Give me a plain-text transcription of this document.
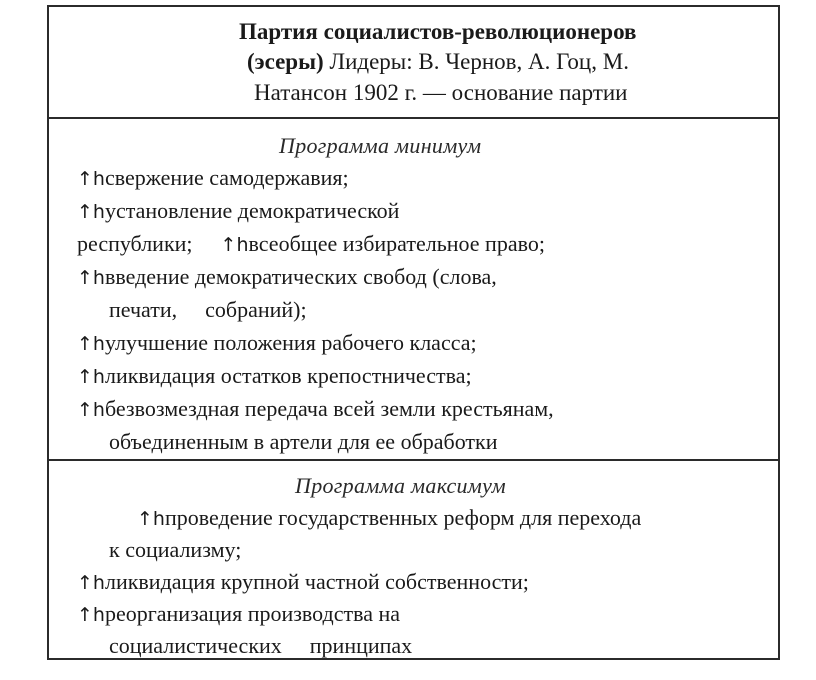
Партия социалистов-революционеров
(эсеры) Лидеры: В. Чернов, А. Гоц, М.
Натансон 1902 г. — основание партии
Программа минимум
↑hсвержение самодержавия;
↑hустановление демократической
республики; ↑hвсеобщее избирательное право;
↑hвведение демократических свобод (слова,
печати, собраний);
↑hулучшение положения рабочего класса;
↑hликвидация остатков крепостничества;
↑hбезвозмездная передача всей земли крестьянам,
объединенным в артели для ее обработки
Программа максимум
↑hпроведение государственных реформ для перехода
к социализму;
↑hликвидация крупной частной собственности;
↑hреорганизация производства на
социалистических принципах
